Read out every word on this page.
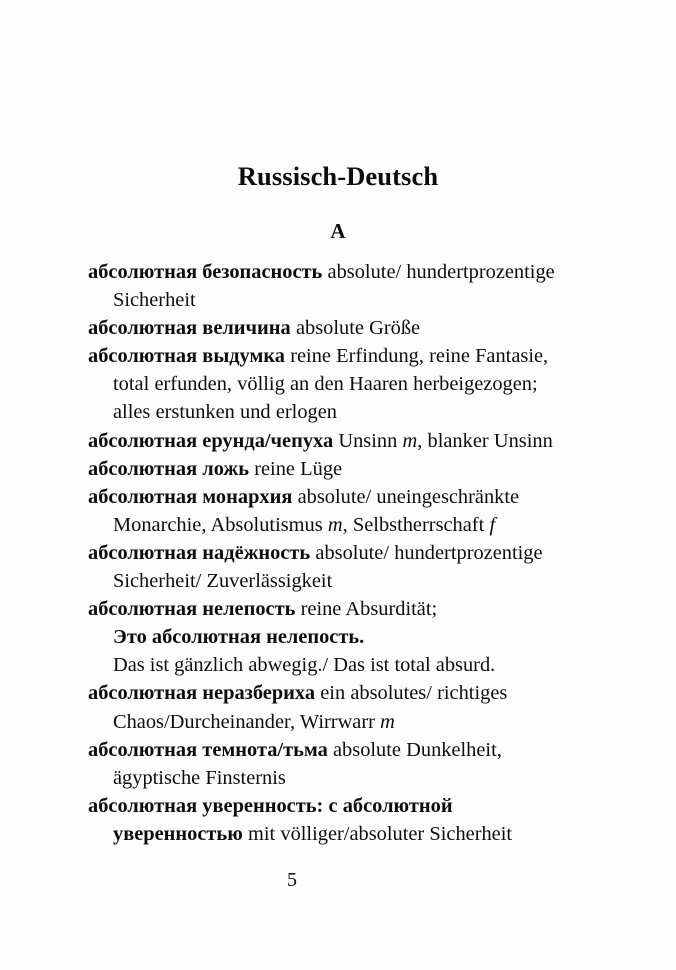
Russisch-Deutsch
A

абсолютная безопасность absolute/ hundertprozentige Sicherheit

абсолютная величина absolute Größe

абсолютная выдумка reine Erfindung, reine Fantasie, total erfunden, völlig an den Haaren herbeigezogen; alles erstunken und erlogen

абсолютная ерунда/чепуха Unsinn m, blanker Unsinn

абсолютная ложь reine Lüge

абсолютная монархия absolute/ uneingeschränkte Monarchie, Absolutismus m, Selbstherrschaft f

абсолютная надёжность absolute/ hundertprozentige Sicherheit/ Zuverlässigkeit

абсолютная нелепость reine Absurdität;

Это абсолютная нелепость.

Das ist gänzlich abwegig./ Das ist total absurd.

абсолютная неразбериха ein absolutes/ richtiges Chaos/Durcheinander, Wirrwarr m

абсолютная темнота/тьма absolute Dunkelheit, ägyptische Finsternis

абсолютная уверенность: с абсолютной уверенностью mit völliger/absoluter Sicherheit

5
